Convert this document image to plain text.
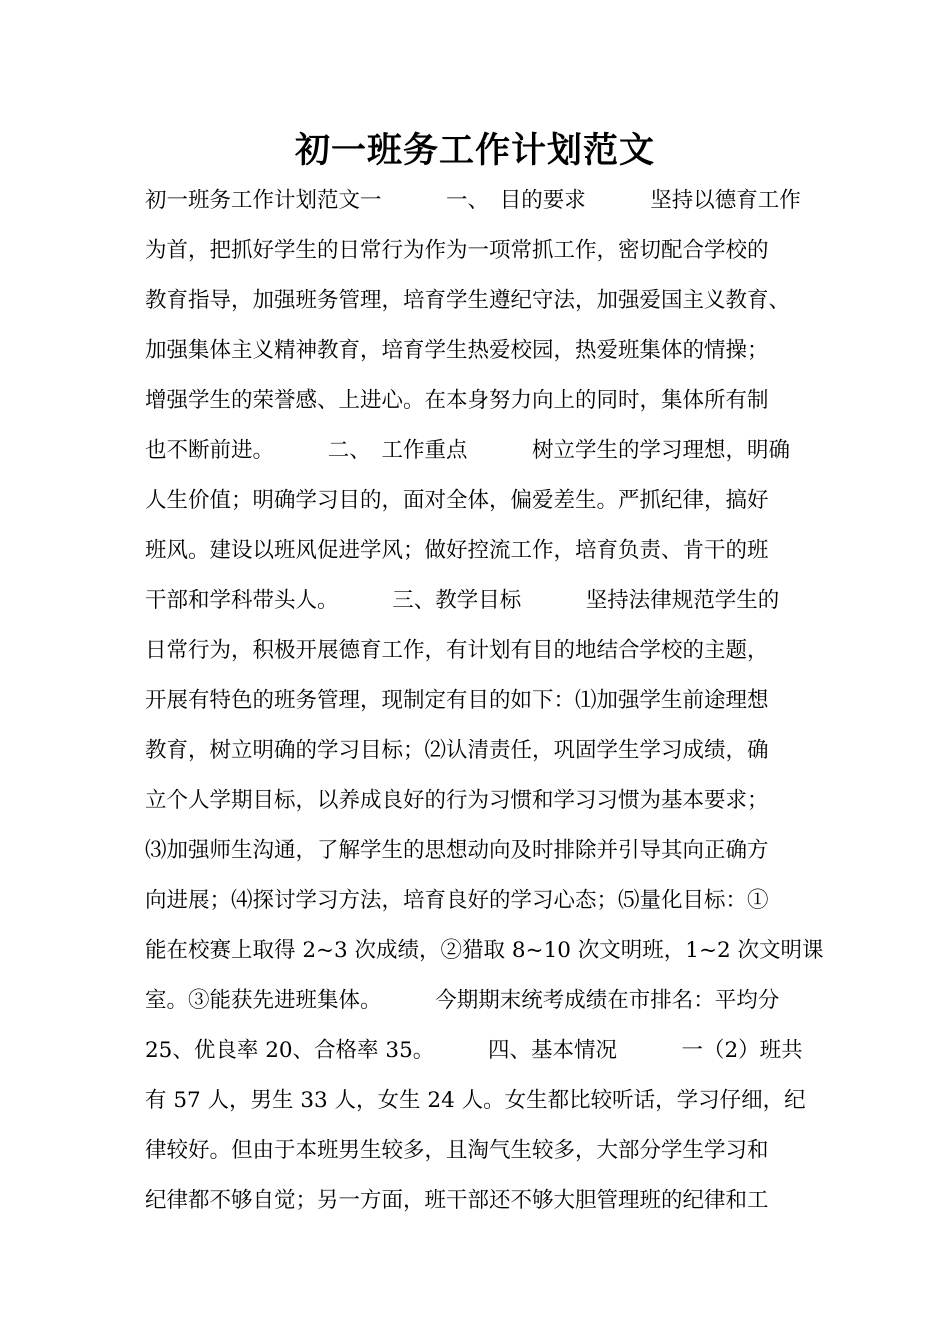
初一班务工作计划范文
初一班务工作计划范文一　　　一、　目的要求　　　坚持以德育工作
为首，把抓好学生的日常行为作为一项常抓工作，密切配合学校的
教育指导，加强班务管理，培育学生遵纪守法，加强爱国主义教育、
加强集体主义精神教育，培育学生热爱校园，热爱班集体的情操；
增强学生的荣誉感、上进心。在本身努力向上的同时，集体所有制
也不断前进。　　　二、　工作重点　　　树立学生的学习理想，明确
人生价值；明确学习目的，面对全体，偏爱差生。严抓纪律，搞好
班风。建设以班风促进学风；做好控流工作，培育负责、肯干的班
干部和学科带头人。　　　三、教学目标　　　坚持法律规范学生的
日常行为，积极开展德育工作，有计划有目的地结合学校的主题，
开展有特色的班务管理，现制定有目的如下：⑴加强学生前途理想
教育，树立明确的学习目标；⑵认清责任，巩固学生学习成绩，确
立个人学期目标，以养成良好的行为习惯和学习习惯为基本要求；
⑶加强师生沟通，了解学生的思想动向及时排除并引导其向正确方
向进展；⑷探讨学习方法，培育良好的学习心态；⑸量化目标：①
能在校赛上取得 2~3 次成绩，②猎取 8~10 次文明班，1~2 次文明课
室。③能获先进班集体。　　　今期期末统考成绩在市排名：平均分
25、优良率 20、合格率 35。　　　四、基本情况　　　一（2）班共
有 57 人，男生 33 人，女生 24 人。女生都比较听话，学习仔细，纪
律较好。但由于本班男生较多，且淘气生较多，大部分学生学习和
纪律都不够自觉；另一方面，班干部还不够大胆管理班的纪律和工
